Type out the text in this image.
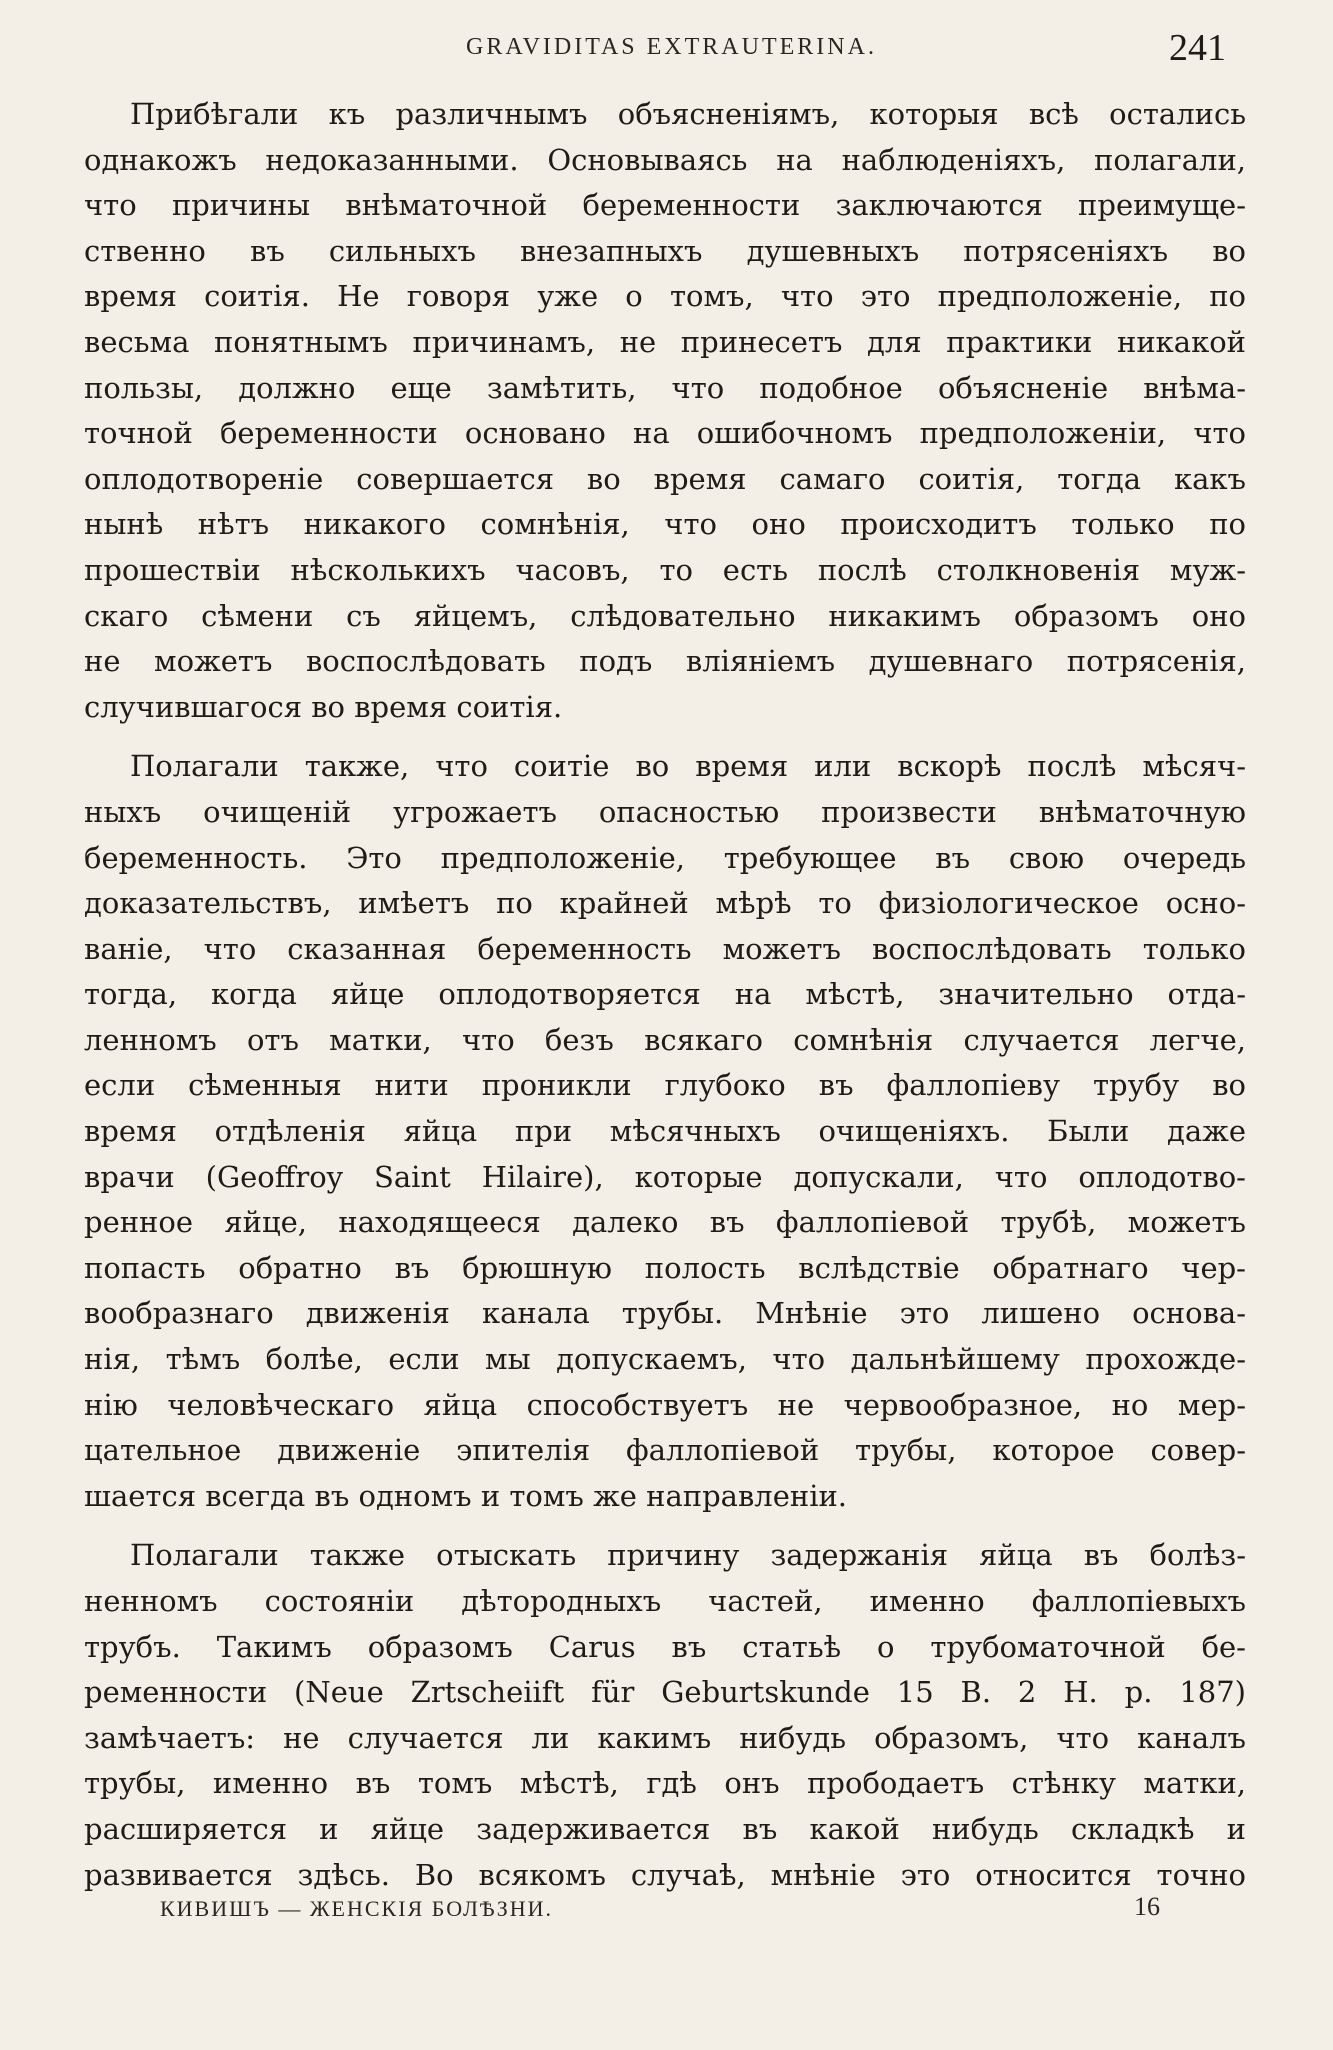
GRAVIDITAS EXTRAUTERINA.	241
Прибѣгали къ различнымъ объясненіямъ, которыя всѣ остались
однакожъ недоказанными. Основываясь на наблюденіяхъ, полагали,
что причины внѣматочной беременности заключаются преимуще-
ственно въ сильныхъ внезапныхъ душевныхъ потрясеніяхъ во
время соитія. Не говоря уже о томъ, что это предположеніе, по
весьма понятнымъ причинамъ, не принесетъ для практики никакой
пользы, должно еще замѣтить, что подобное объясненіе внѣма-
точной беременности основано на ошибочномъ предположеніи, что
оплодотвореніе совершается во время самаго соитія, тогда какъ
нынѣ нѣтъ никакого сомнѣнія, что оно происходитъ только по
прошествіи нѣсколькихъ часовъ, то есть послѣ столкновенія муж-
скаго сѣмени съ яйцемъ, слѣдовательно никакимъ образомъ оно
не можетъ воспослѣдовать подъ вліяніемъ душевнаго потрясенія,
случившагося во время соитія.
Полагали также, что соитіе во время или вскорѣ послѣ мѣсяч-
ныхъ очищеній угрожаетъ опасностью произвести внѣматочную
беременность. Это предположеніе, требующее въ свою очередь
доказательствъ, имѣетъ по крайней мѣрѣ то физіологическое осно-
ваніе, что сказанная беременность можетъ воспослѣдовать только
тогда, когда яйце оплодотворяется на мѣстѣ, значительно отда-
ленномъ отъ матки, что безъ всякаго сомнѣнія случается легче,
если сѣменныя нити проникли глубоко въ фаллопіеву трубу во
время отдѣленія яйца при мѣсячныхъ очищеніяхъ. Были даже
врачи (Geoffroy Saint Hilaire), которые допускали, что оплодотво-
ренное яйце, находящееся далеко въ фаллопіевой трубѣ, можетъ
попасть обратно въ брюшную полость вслѣдствіе обратнаго чер-
вообразнаго движенія канала трубы. Мнѣніе это лишено основа-
нія, тѣмъ болѣе, если мы допускаемъ, что дальнѣйшему прохожде-
нію человѣческаго яйца способствуетъ не червообразное, но мер-
цательное движеніе эпителія фаллопіевой трубы, которое совер-
шается всегда въ одномъ и томъ же направленіи.
Полагали также отыскать причину задержанія яйца въ болѣз-
ненномъ состояніи дѣтородныхъ частей, именно фаллопіевыхъ
трубъ. Такимъ образомъ Carus въ статьѣ о трубоматочной бе-
ременности (Neue Zrtscheiift für Geburtskunde 15 B. 2 H. p. 187)
замѣчаетъ: не случается ли какимъ нибудь образомъ, что каналъ
трубы, именно въ томъ мѣстѣ, гдѣ онъ прободаетъ стѣнку матки,
расширяется и яйце задерживается въ какой нибудь складкѣ и
развивается здѣсь. Во всякомъ случаѣ, мнѣніе это относится точно
КИВИШЪ — ЖЕНСКІЯ БОЛѢЗНИ.	16
